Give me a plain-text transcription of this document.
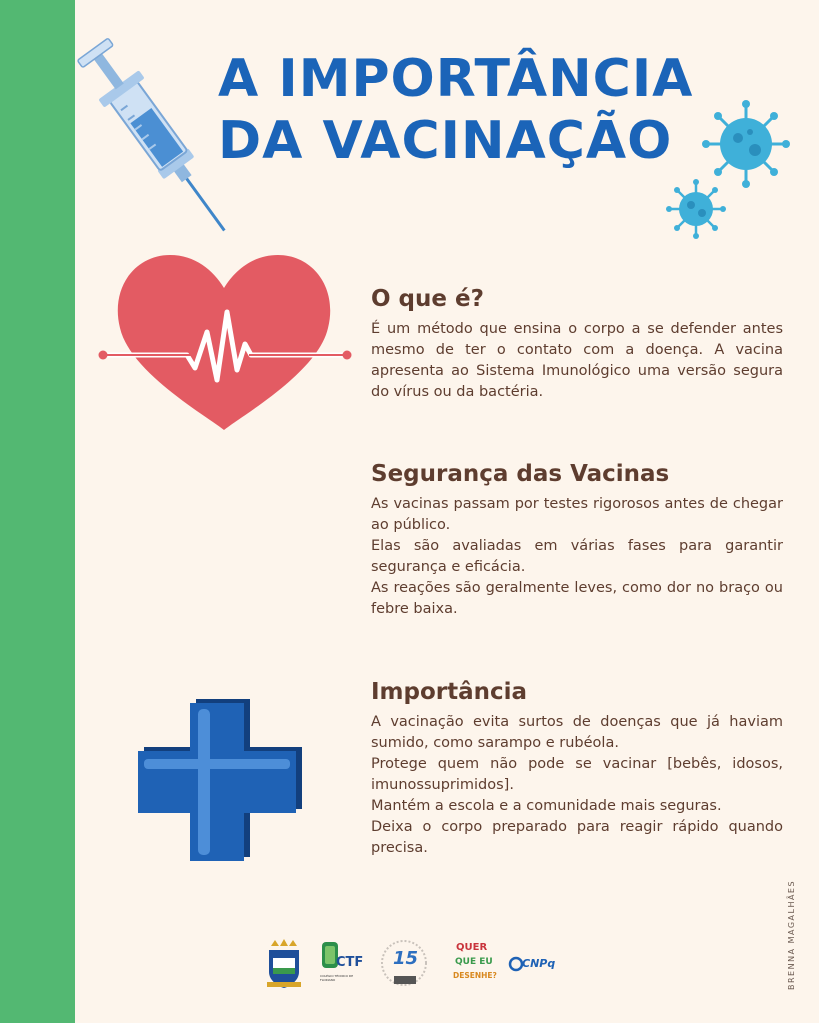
A IMPORTÂNCIA
DA VACINAÇÃO
O que é?

É um método que ensina o corpo a se defender antes mesmo de ter o contato com a doença. A vacina apresenta ao Sistema Imunológico uma versão segura do vírus ou da bactéria.

Segurança das Vacinas

As vacinas passam por testes rigorosos antes de chegar ao público.

Elas são avaliadas em várias fases para garantir segurança e eficácia.

As reações são geralmente leves, como dor no braço ou febre baixa.

Importância

A vacinação evita surtos de doenças que já haviam sumido, como sarampo e rubéola.

Protege quem não pode se vacinar [bebês, idosos, imunossuprimidos].

Mantém a escola e a comunidade mais seguras.

Deixa o corpo preparado para reagir rápido quando precisa.

BRENNA MAGALHÃES
CTF
COLÉGIO TÉCNICO DE FLORIANO
15
QUER
QUE EU
DESENHE?
CNPq
